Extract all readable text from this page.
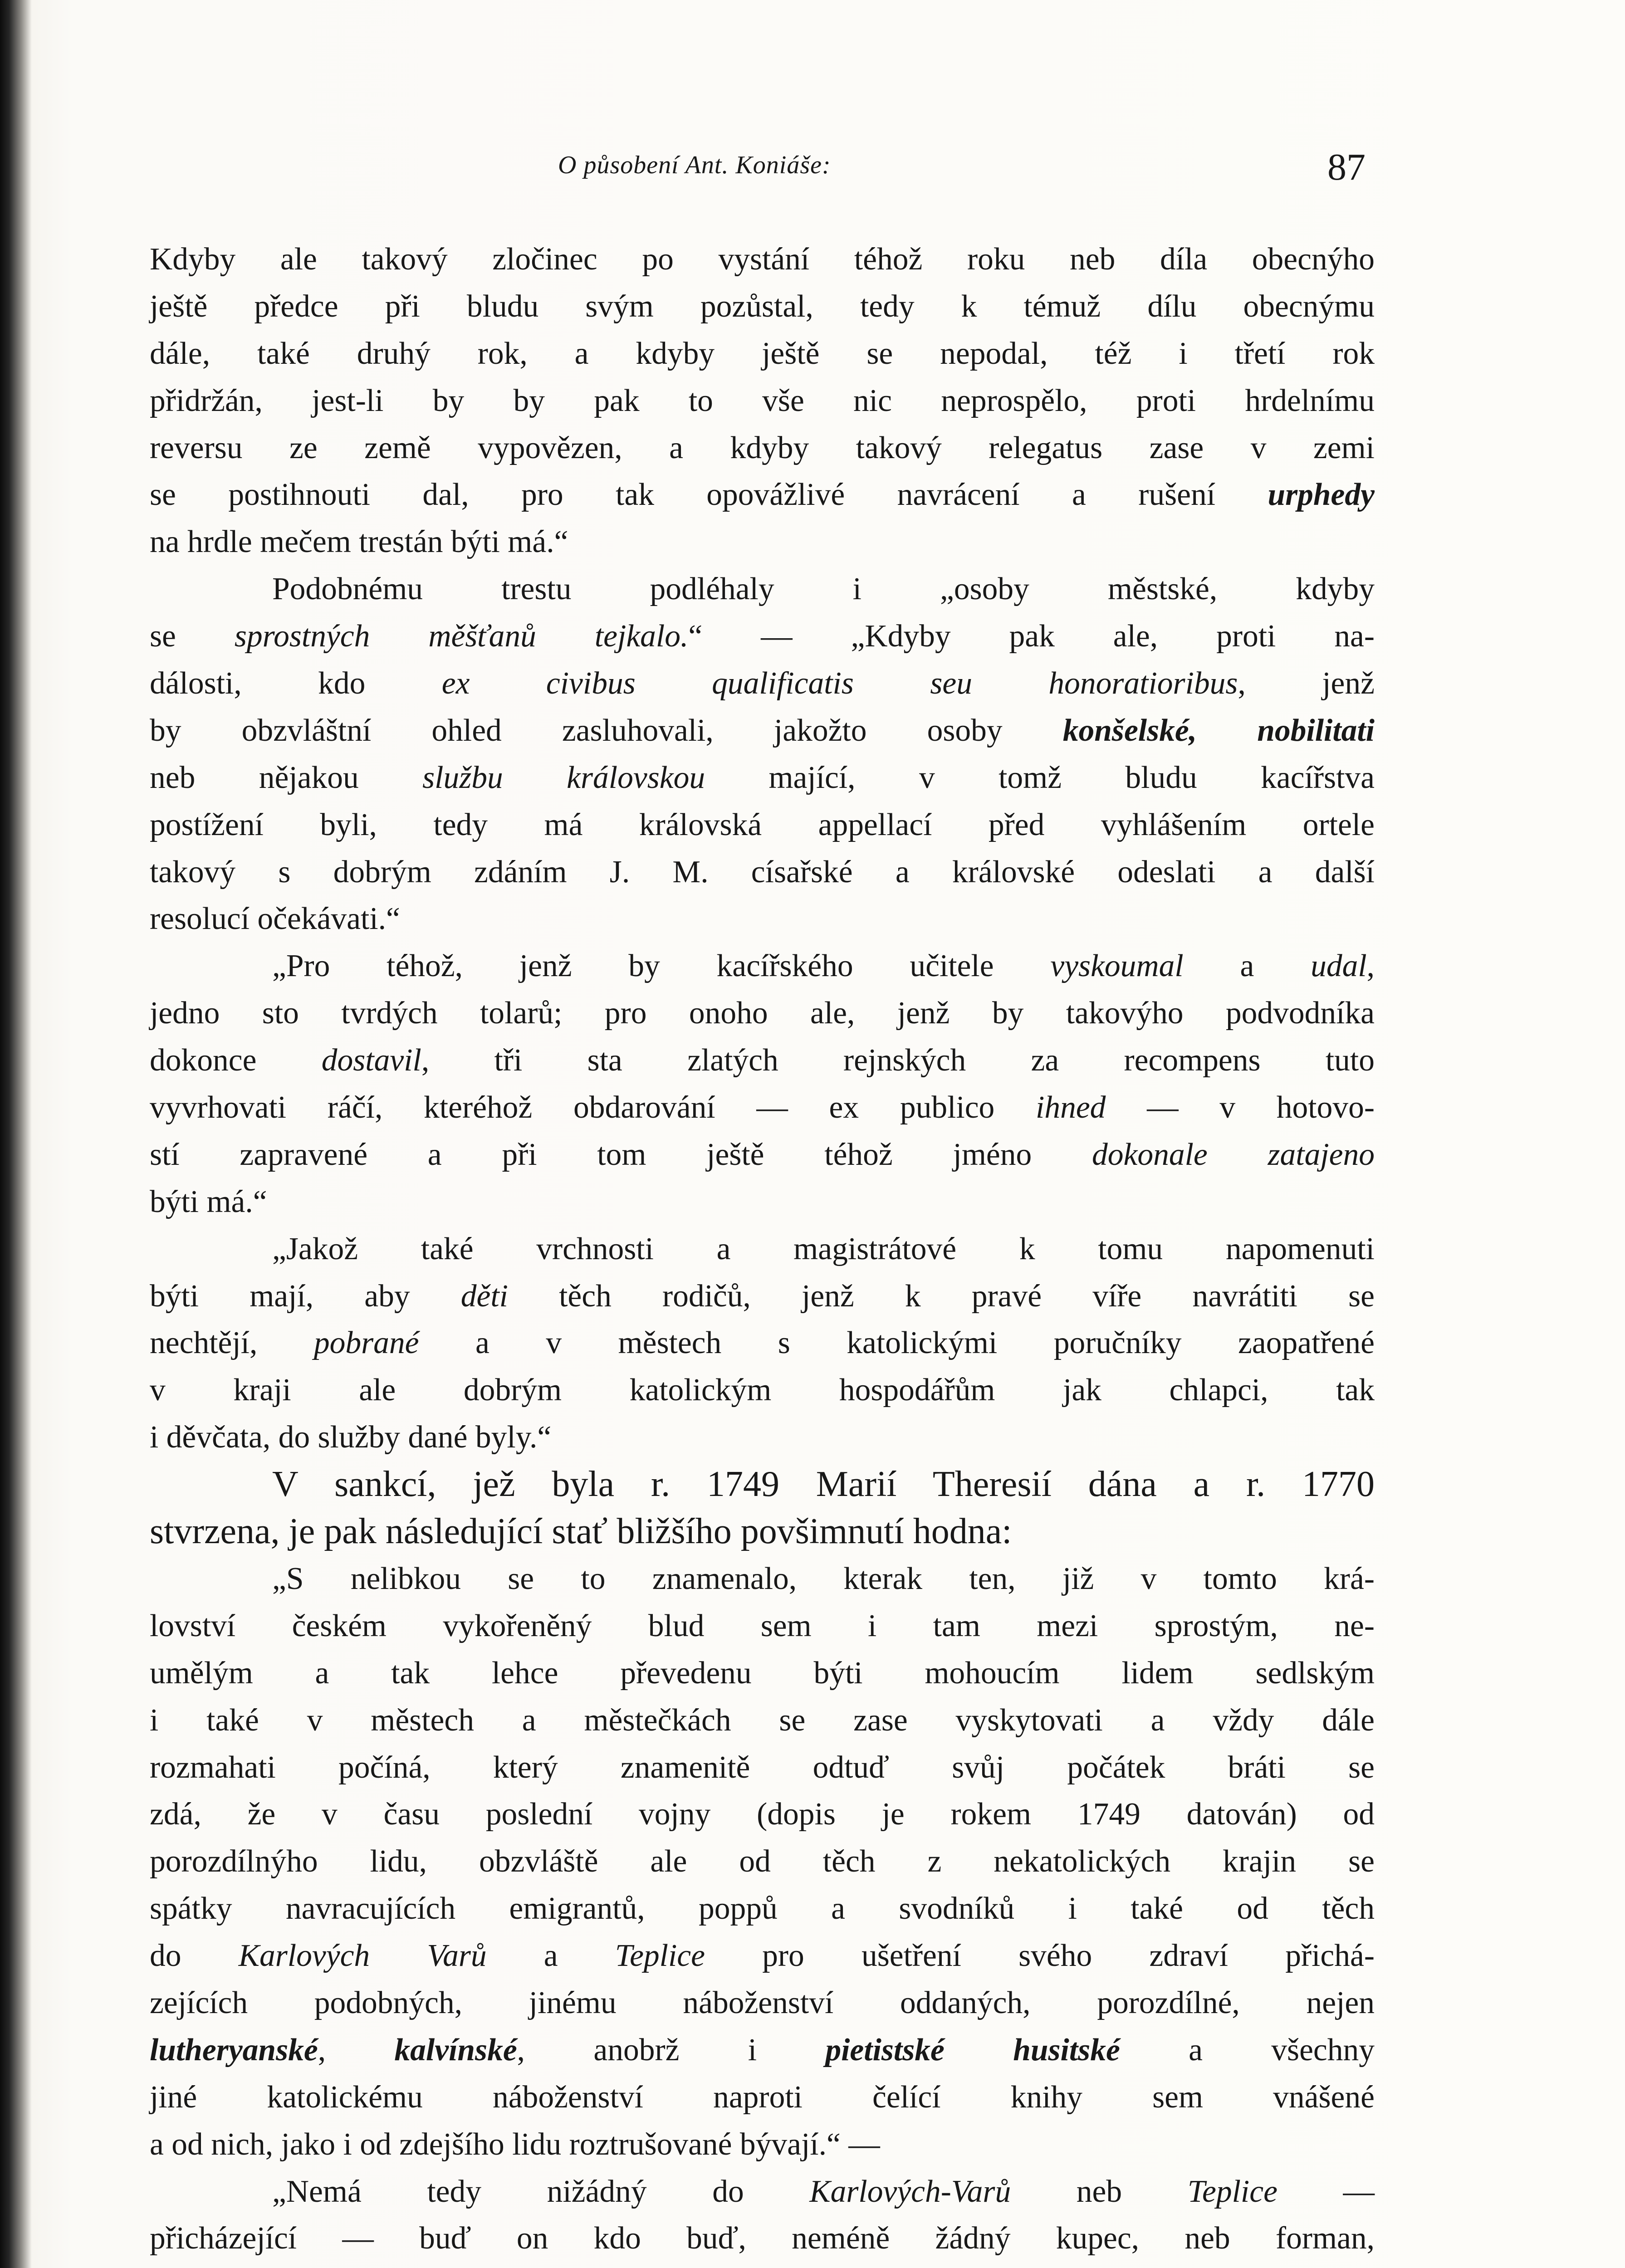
O působení Ant. Koniáše:	87
Kdyby ale takový zločinec po vystání téhož roku neb díla obecnýho
ještě předce při bludu svým pozůstal, tedy k témuž dílu obecnýmu
dále, také druhý rok, a kdyby ještě se nepodal, též i třetí rok
přidržán, jest-li by by pak to vše nic neprospělo, proti hrdelnímu
reversu ze země vypovězen, a kdyby takový relegatus zase v zemi
se postihnouti dal, pro tak opovážlivé navrácení a rušení urphedy
na hrdle mečem trestán býti má.“
Podobnému trestu podléhaly i „osoby městské, kdyby
se sprostných měšťanů tejkalo.“ — „Kdyby pak ale, proti na-
dálosti, kdo ex civibus qualificatis seu honoratioribus, jenž
by obzvláštní ohled zasluhovali, jakožto osoby konšelské, nobilitati
neb nějakou službu královskou mající, v tomž bludu kacířstva
postížení byli, tedy má královská appellací před vyhlášením ortele
takový s dobrým zdáním J. M. císařské a královské odeslati a další
resolucí očekávati.“
„Pro téhož, jenž by kacířského učitele vyskoumal a udal,
jedno sto tvrdých tolarů; pro onoho ale, jenž by takovýho podvodníka
dokonce dostavil, tři sta zlatých rejnských za recompens tuto
vyvrhovati ráčí, kteréhož obdarování — ex publico ihned — v hotovo-
stí zapravené a při tom ještě téhož jméno dokonale zatajeno
býti má.“
„Jakož také vrchnosti a magistrátové k tomu napomenuti
býti mají, aby děti těch rodičů, jenž k pravé víře navrátiti se
nechtějí, pobrané a v městech s katolickými poručníky zaopatřené
v kraji ale dobrým katolickým hospodářům jak chlapci, tak
i děvčata, do služby dané byly.“
V sankcí, jež byla r. 1749 Marií Theresií dána a r. 1770
stvrzena, je pak následující stať bližšího povšimnutí hodna:
„S nelibkou se to znamenalo, kterak ten, již v tomto krá-
lovství českém vykořeněný blud sem i tam mezi sprostým, ne-
umělým a tak lehce převedenu býti mohoucím lidem sedlským
i také v městech a městečkách se zase vyskytovati a vždy dále
rozmahati počíná, který znamenitě odtuď svůj počátek bráti se
zdá, že v času poslední vojny (dopis je rokem 1749 datován) od
porozdílnýho lidu, obzvláště ale od těch z nekatolických krajin se
spátky navracujících emigrantů, poppů a svodníků i také od těch
do Karlových Varů a Teplice pro ušetření svého zdraví přichá-
zejících podobných, jinému náboženství oddaných, porozdílné, nejen
lutheryanské, kalvínské, anobrž i pietistské husitské a všechny
jiné katolickému náboženství naproti čelící knihy sem vnášené
a od nich, jako i od zdejšího lidu roztrušované bývají.“ —
„Nemá tedy nižádný do Karlových-Varů neb Teplice —
přicházející — buď on kdo buď, neméně žádný kupec, neb forman,
